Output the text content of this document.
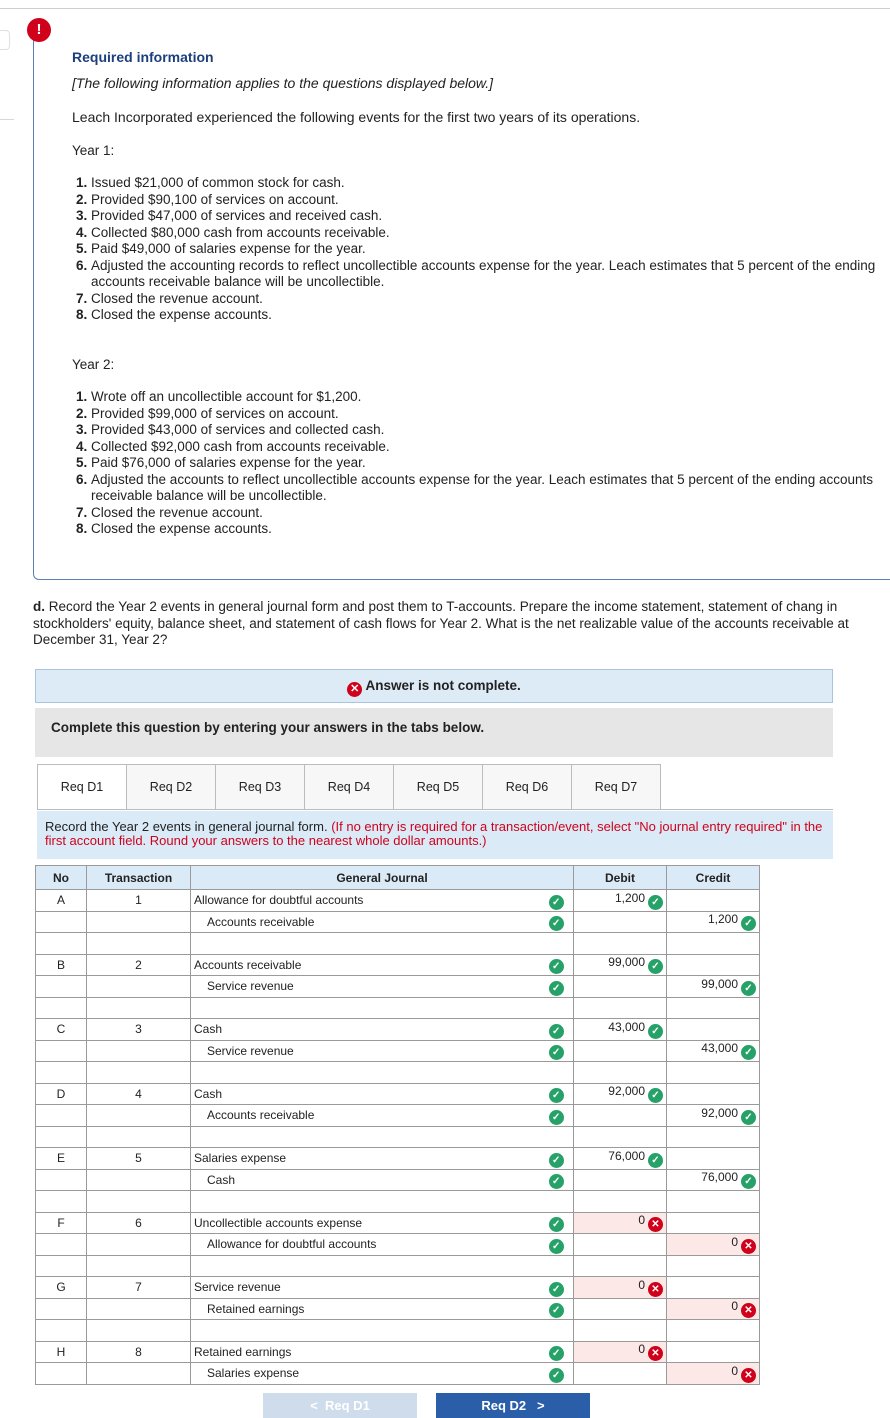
!
Required information
[The following information applies to the questions displayed below.]
Leach Incorporated experienced the following events for the first two years of its operations.
Year 1:
1. Issued $21,000 of common stock for cash.
2. Provided $90,100 of services on account.
3. Provided $47,000 of services and received cash.
4. Collected $80,000 cash from accounts receivable.
5. Paid $49,000 of salaries expense for the year.
6. Adjusted the accounting records to reflect uncollectible accounts expense for the year. Leach estimates that 5 percent of the ending accounts receivable balance will be uncollectible.
7. Closed the revenue account.
8. Closed the expense accounts.
Year 2:
1. Wrote off an uncollectible account for $1,200.
2. Provided $99,000 of services on account.
3. Provided $43,000 of services and collected cash.
4. Collected $92,000 cash from accounts receivable.
5. Paid $76,000 of salaries expense for the year.
6. Adjusted the accounts to reflect uncollectible accounts expense for the year. Leach estimates that 5 percent of the ending accounts receivable balance will be uncollectible.
7. Closed the revenue account.
8. Closed the expense accounts.
d. Record the Year 2 events in general journal form and post them to T-accounts. Prepare the income statement, statement of chang in stockholders' equity, balance sheet, and statement of cash flows for Year 2. What is the net realizable value of the accounts receivable at December 31, Year 2?
✕ Answer is not complete.
Complete this question by entering your answers in the tabs below.
Req D1	Req D2	Req D3	Req D4	Req D5	Req D6	Req D7
Record the Year 2 events in general journal form. (If no entry is required for a transaction/event, select "No journal entry required" in the first account field. Round your answers to the nearest whole dollar amounts.)
No	Transaction	General Journal		Debit	Credit
A	1	Allowance for doubtful accounts	✓	1,200 ✓	
		Accounts receivable	✓		1,200 ✓

B	2	Accounts receivable	✓	99,000 ✓	
		Service revenue	✓		99,000 ✓

C	3	Cash	✓	43,000 ✓	
		Service revenue	✓		43,000 ✓

D	4	Cash	✓	92,000 ✓	
		Accounts receivable	✓		92,000 ✓

E	5	Salaries expense	✓	76,000 ✓	
		Cash	✓		76,000 ✓

F	6	Uncollectible accounts expense	✓	0 ✕	
		Allowance for doubtful accounts	✓		0 ✕

G	7	Service revenue	✓	0 ✕	
		Retained earnings	✓		0 ✕

H	8	Retained earnings	✓	0 ✕	
		Salaries expense	✓		0 ✕
<  Req D1	Req D2   >
